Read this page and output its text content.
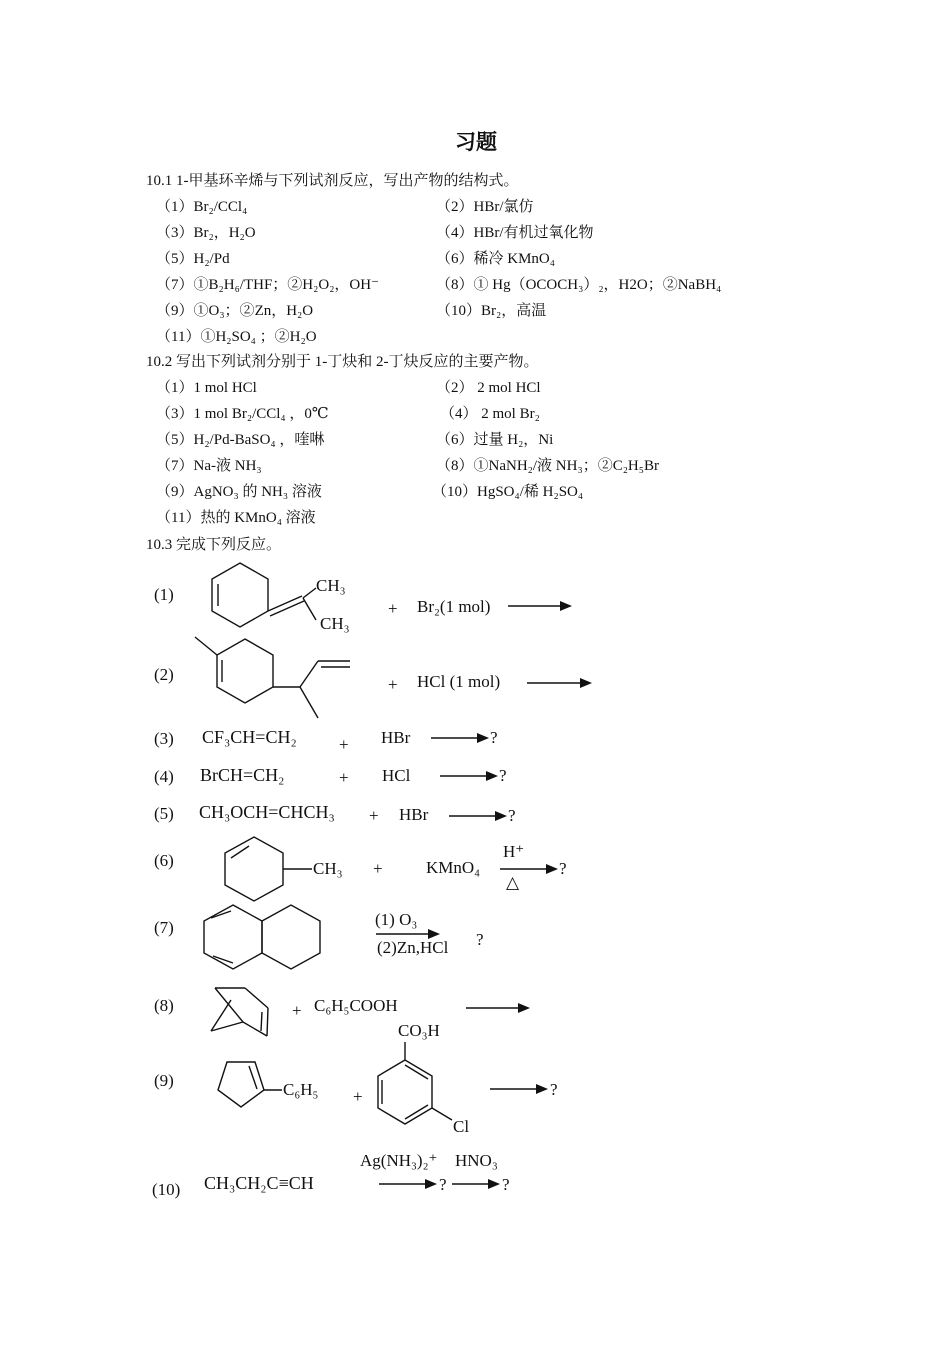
习题
10.1 1-甲基环辛烯与下列试剂反应，写出产物的结构式。
（1）Br₂/CCl₄	（2）HBr/氯仿
（3）Br₂，H₂O	（4）HBr/有机过氧化物
（5）H₂/Pd	（6）稀冷 KMnO₄
（7）①B₂H₆/THF；②H₂O₂，OH⁻	（8）① Hg（OCOCH₃）₂，H2O；②NaBH₄
（9）①O₃；②Zn，H₂O	（10）Br₂，高温
（11）①H₂SO₄ ；②H₂O
10.2 写出下列试剂分别于 1-丁炔和 2-丁炔反应的主要产物。
（1）1 mol HCl	（2） 2 mol HCl
（3）1 mol Br₂/CCl₄ ，0℃	（4） 2 mol Br₂
（5）H₂/Pd-BaSO₄ ，喹啉	（6）过量 H₂，Ni
（7）Na-液 NH₃	（8）①NaNH₂/液 NH₃；②C₂H₅Br
（9）AgNO₃ 的 NH₃ 溶液	（10）HgSO₄/稀 H₂SO₄
（11）热的 KMnO₄ 溶液
10.3 完成下列反应。
(1)	CH₃
CH₃
+ Br₂(1 mol)
(2)
+ HCl (1 mol)
(3) CF₃CH=CH₂ + HBr	?
(4) BrCH=CH₂	+ HCl	?
(5) CH₃OCH=CHCH₃ + HBr	?
(6)	CH₃ +	KMnO₄
H⁺
△
?
(7)	(1) O₃
(2)Zn,HCl ?
(8)	+ C₆H₅COOH
(9)	C₆H₅ +
CO₃H
Cl
?
(10) CH₃CH₂C≡CH
Ag(NH₃)₂⁺ HNO₃
?	?
